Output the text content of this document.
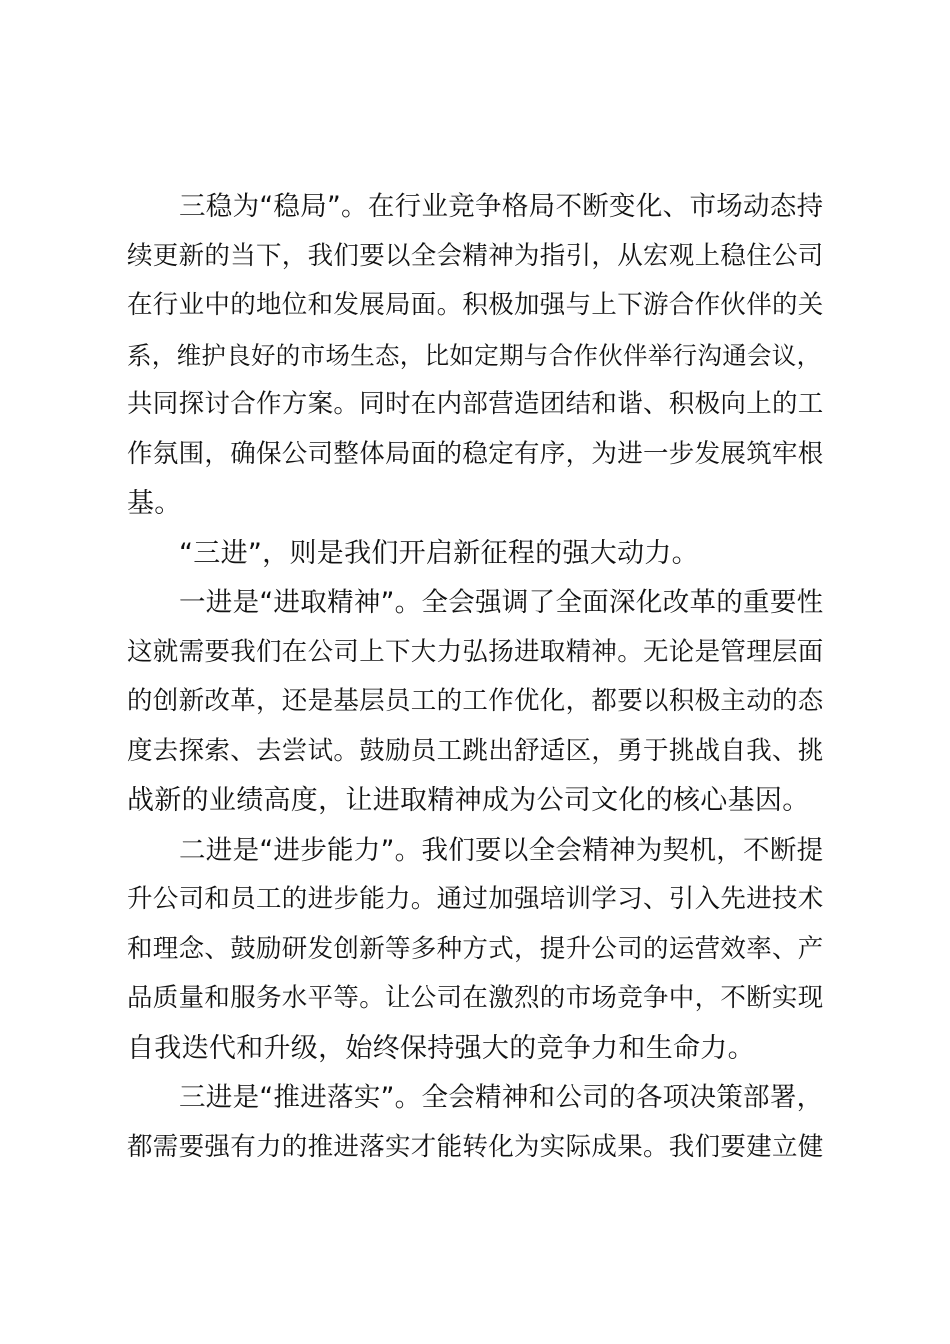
三稳为“稳局”。在行业竞争格局不断变化、市场动态持
续更新的当下，我们要以全会精神为指引，从宏观上稳住公司
在行业中的地位和发展局面。积极加强与上下游合作伙伴的关
系，维护良好的市场生态，比如定期与合作伙伴举行沟通会议，
共同探讨合作方案。同时在内部营造团结和谐、积极向上的工
作氛围，确保公司整体局面的稳定有序，为进一步发展筑牢根
基。
“三进”，则是我们开启新征程的强大动力。
一进是“进取精神”。全会强调了全面深化改革的重要性
这就需要我们在公司上下大力弘扬进取精神。无论是管理层面
的创新改革，还是基层员工的工作优化，都要以积极主动的态
度去探索、去尝试。鼓励员工跳出舒适区，勇于挑战自我、挑
战新的业绩高度，让进取精神成为公司文化的核心基因。
二进是“进步能力”。我们要以全会精神为契机，不断提
升公司和员工的进步能力。通过加强培训学习、引入先进技术
和理念、鼓励研发创新等多种方式，提升公司的运营效率、产
品质量和服务水平等。让公司在激烈的市场竞争中，不断实现
自我迭代和升级，始终保持强大的竞争力和生命力。
三进是“推进落实”。全会精神和公司的各项决策部署，
都需要强有力的推进落实才能转化为实际成果。我们要建立健
